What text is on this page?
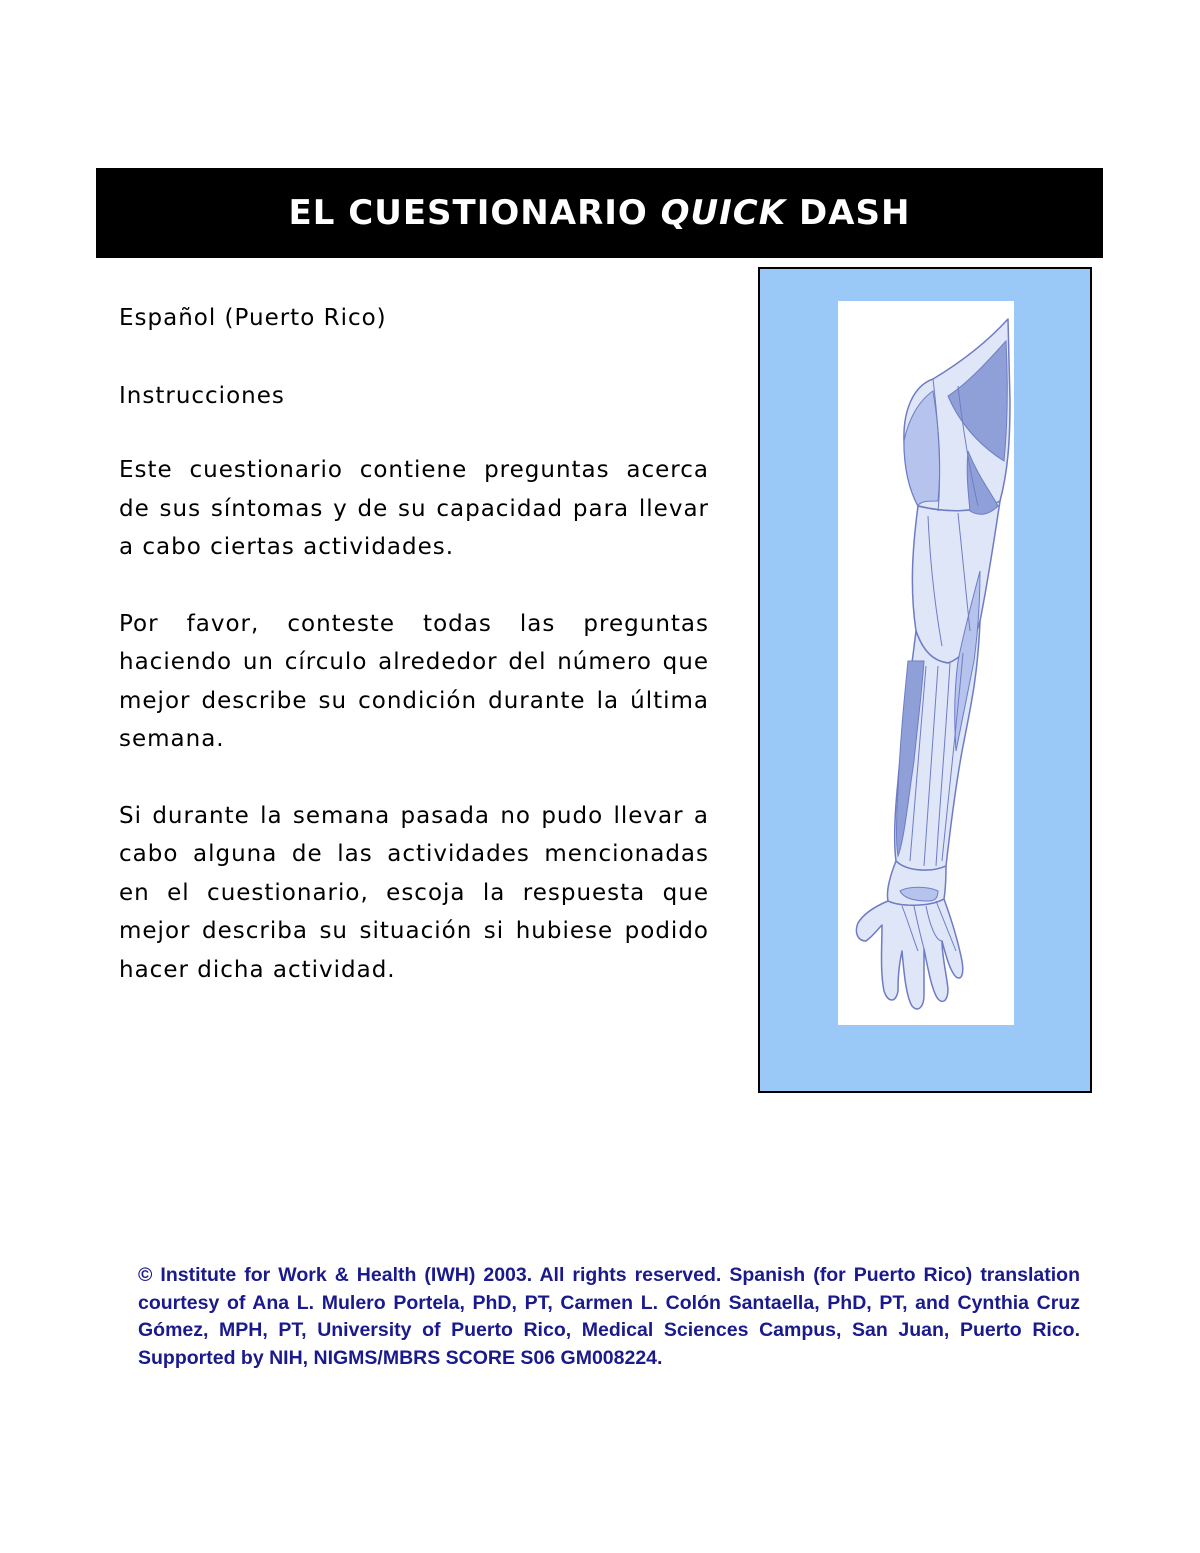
EL CUESTIONARIO QUICK DASH

Español (Puerto Rico)

Instrucciones

Este cuestionario contiene preguntas acerca de sus síntomas y de su capacidad para llevar a cabo ciertas actividades.

Por favor, conteste todas las preguntas haciendo un círculo alrededor del número que mejor describe su condición durante la última semana.

Si durante la semana pasada no pudo llevar a cabo alguna de las actividades mencionadas en el cuestionario, escoja la respuesta que mejor describa su situación si hubiese podido hacer dicha actividad.

© Institute for Work & Health (IWH) 2003. All rights reserved. Spanish (for Puerto Rico) translation courtesy of Ana L. Mulero Portela, PhD, PT, Carmen L. Colón Santaella, PhD, PT, and Cynthia Cruz Gómez, MPH, PT, University of Puerto Rico, Medical Sciences Campus, San Juan, Puerto Rico. Supported by NIH, NIGMS/MBRS SCORE S06 GM008224.
